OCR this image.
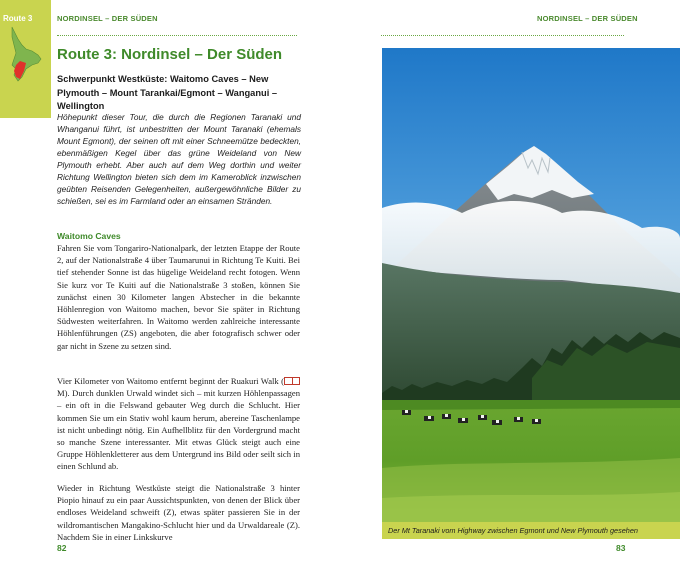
Route 3	NORDINSEL – DER SÜDEN
Route 3: Nordinsel – Der Süden
Schwerpunkt Westküste: Waitomo Caves – New Plymouth – Mount Tarankai/Egmont – Wanganui – Wellington
Höhepunkt dieser Tour, die durch die Regionen Taranaki und Whanganui führt, ist unbestritten der Mount Taranaki (ehemals Mount Egmont), der seinen oft mit einer Schneemütze bedeckten, ebenmäßigen Kegel über das grüne Weideland von New Plymouth erhebt. Aber auch auf dem Weg dorthin und weiter Richtung Wellington bieten sich dem im Kameroblick inzwischen geübten Reisenden Gelegenheiten, außergewöhnliche Bilder zu schießen, sei es im Farmland oder an einsamen Stränden.
Waitomo Caves
Fahren Sie vom Tongariro-Nationalpark, der letzten Etappe der Route 2, auf der Nationalstraße 4 über Taumarunui in Richtung Te Kuiti. Bei tief stehender Sonne ist das hügelige Weideland recht fotogen. Wenn Sie kurz vor Te Kuiti auf die Nationalstraße 3 stoßen, können Sie zunächst einen 30 Kilometer langen Abstecher in die bekannte Höhlenregion von Waitomo machen, bevor Sie später in Richtung Südwesten weiterfahren. In Waitomo werden zahlreiche interessante Höhlenführungen (ZS) angeboten, die aber fotografisch schwer oder gar nicht in Szene zu setzen sind.
Vier Kilometer von Waitomo entfernt beginnt der Ruakuri Walk (M). Durch dunklen Urwald windet sich – mit kurzen Höhlenpassagen – ein oft in die Felswand gebauter Weg durch die Schlucht. Hier kommen Sie um ein Stativ wohl kaum herum, abereine Taschenlampe ist nicht unbedingt nötig. Ein Aufhellblitz für den Vordergrund macht so manche Szene interessanter. Mit etwas Glück steigt auch eine Gruppe Höhlenkletterer aus dem Untergrund ins Bild oder seilt sich in einen Schlund ab.
Wieder in Richtung Westküste steigt die Nationalstraße 3 hinter Piopio hinauf zu ein paar Aussichtspunkten, von denen der Blick über endloses Weideland schweift (Z), etwas später passieren Sie in der wildromantischen Mangakino-Schlucht hier und da Urwaldareale (Z). Nachdem Sie in einer Linkskurve
82
NORDINSEL – DER SÜDEN
83
Der Mt Taranaki vom Highway zwischen Egmont und New Plymouth gesehen
